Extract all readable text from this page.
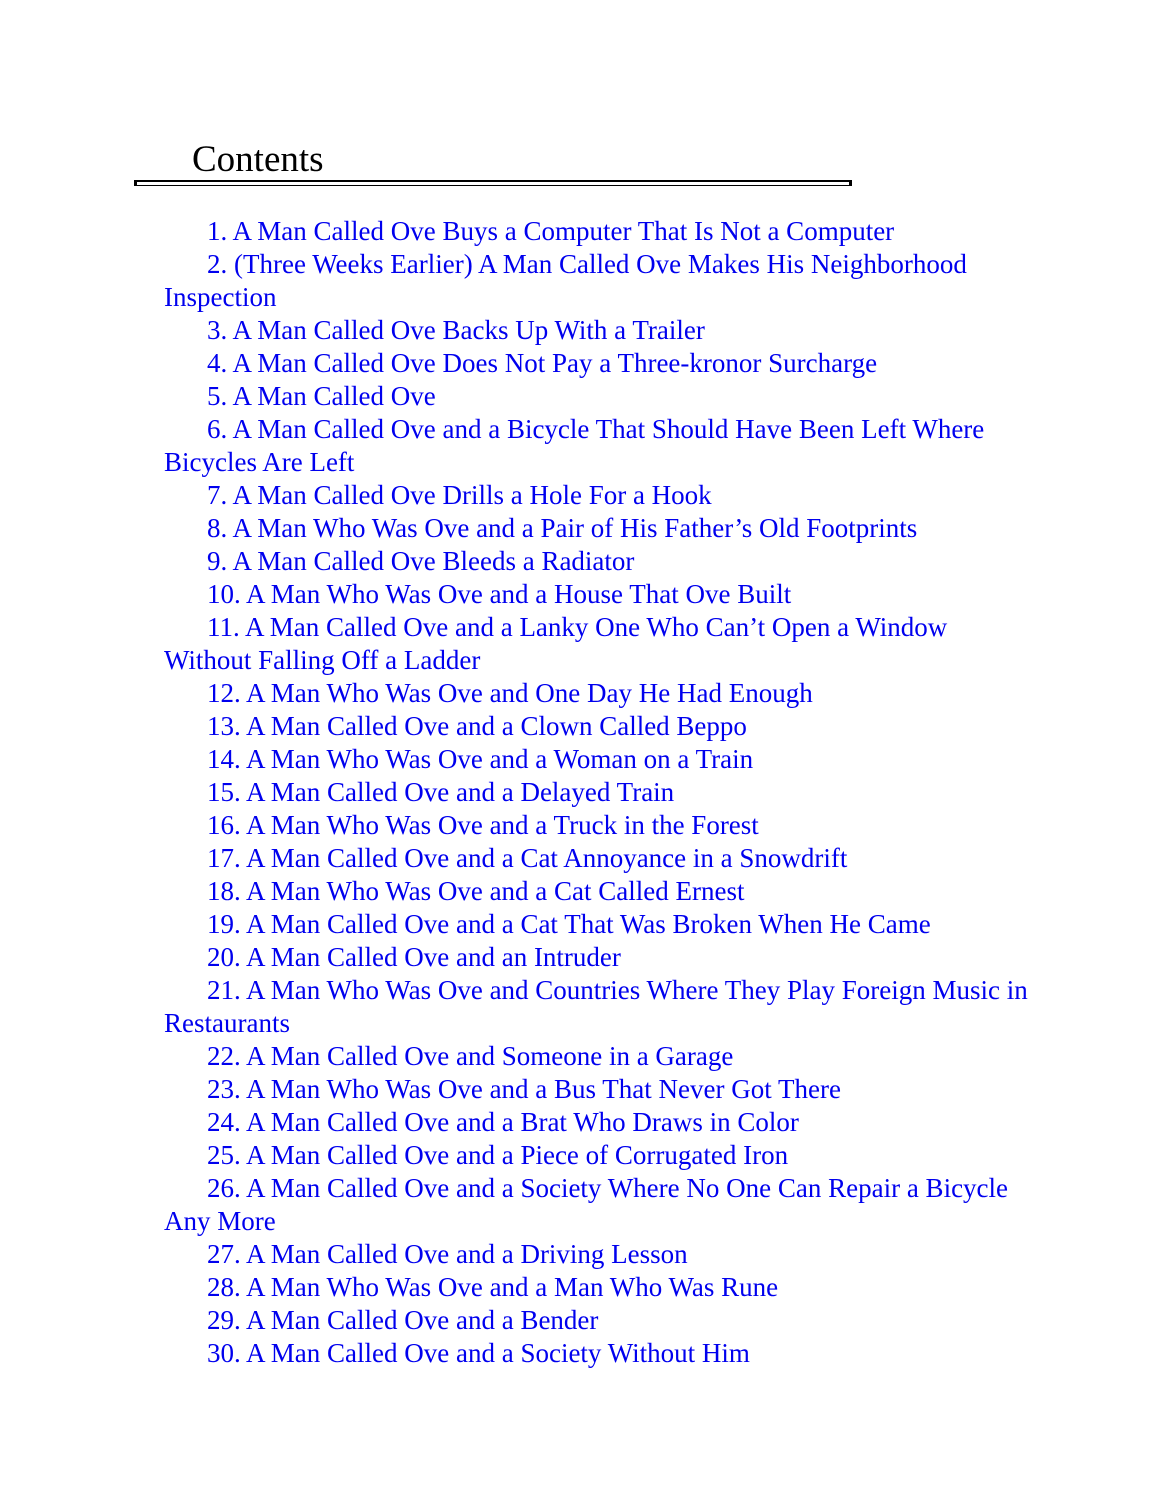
Contents
1. A Man Called Ove Buys a Computer That Is Not a Computer
2. (Three Weeks Earlier) A Man Called Ove Makes His Neighborhood Inspection
3. A Man Called Ove Backs Up With a Trailer
4. A Man Called Ove Does Not Pay a Three-kronor Surcharge
5. A Man Called Ove
6. A Man Called Ove and a Bicycle That Should Have Been Left Where Bicycles Are Left
7. A Man Called Ove Drills a Hole For a Hook
8. A Man Who Was Ove and a Pair of His Father’s Old Footprints
9. A Man Called Ove Bleeds a Radiator
10. A Man Who Was Ove and a House That Ove Built
11. A Man Called Ove and a Lanky One Who Can’t Open a Window Without Falling Off a Ladder
12. A Man Who Was Ove and One Day He Had Enough
13. A Man Called Ove and a Clown Called Beppo
14. A Man Who Was Ove and a Woman on a Train
15. A Man Called Ove and a Delayed Train
16. A Man Who Was Ove and a Truck in the Forest
17. A Man Called Ove and a Cat Annoyance in a Snowdrift
18. A Man Who Was Ove and a Cat Called Ernest
19. A Man Called Ove and a Cat That Was Broken When He Came
20. A Man Called Ove and an Intruder
21. A Man Who Was Ove and Countries Where They Play Foreign Music in Restaurants
22. A Man Called Ove and Someone in a Garage
23. A Man Who Was Ove and a Bus That Never Got There
24. A Man Called Ove and a Brat Who Draws in Color
25. A Man Called Ove and a Piece of Corrugated Iron
26. A Man Called Ove and a Society Where No One Can Repair a Bicycle Any More
27. A Man Called Ove and a Driving Lesson
28. A Man Who Was Ove and a Man Who Was Rune
29. A Man Called Ove and a Bender
30. A Man Called Ove and a Society Without Him
